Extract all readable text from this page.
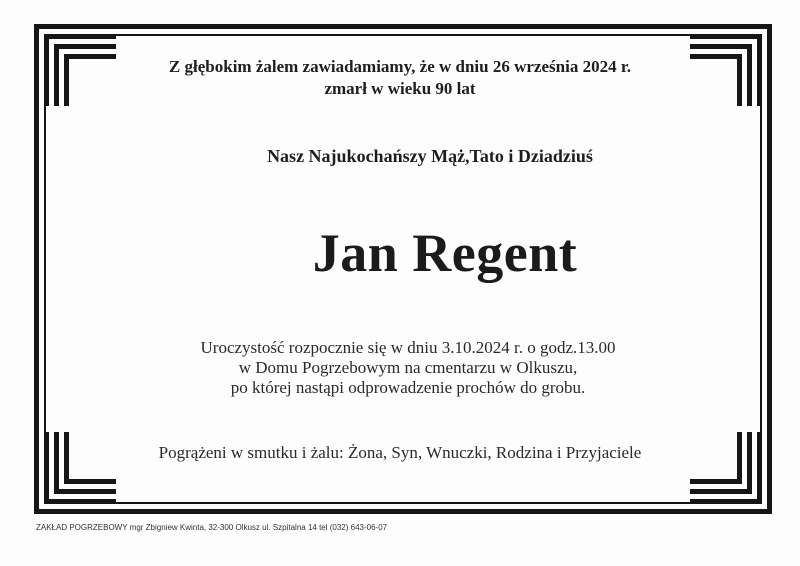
Z głębokim żalem zawiadamiamy, że w dniu 26 września 2024 r.
zmarł w wieku 90 lat
Nasz Najukochańszy Mąż,Tato i Dziadziuś
Jan Regent
Uroczystość rozpocznie się w dniu 3.10.2024 r. o godz.13.00
w Domu Pogrzebowym na cmentarzu w Olkuszu,
po której nastąpi odprowadzenie prochów do grobu.
Pogrążeni w smutku i żalu: Żona, Syn, Wnuczki, Rodzina i Przyjaciele
ZAKŁAD POGRZEBOWY mgr Zbigniew Kwinta, 32-300 Olkusz ul. Szpitalna 14 tel (032) 643-06-07
